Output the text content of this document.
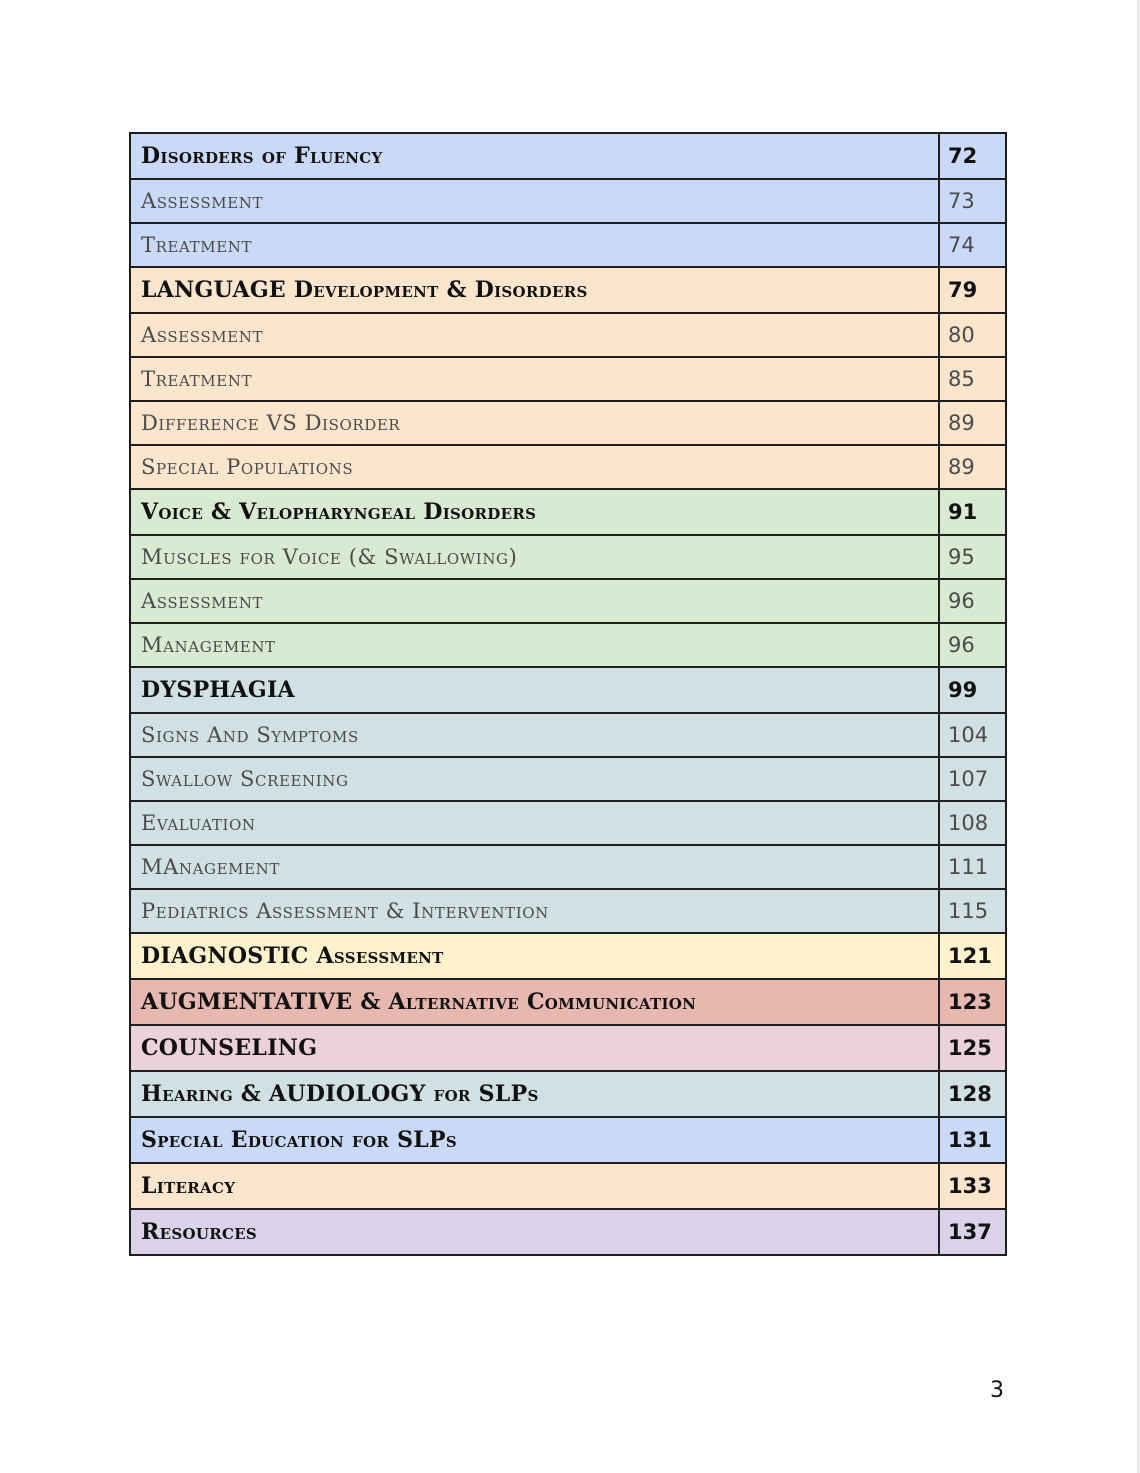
Disorders of Fluency	72
Assessment	73
Treatment	74
LANGUAGE Development & Disorders	79
Assessment	80
Treatment	85
Difference VS Disorder	89
Special Populations	89
Voice & Velopharyngeal Disorders	91
Muscles for Voice (& Swallowing)	95
Assessment	96
Management	96
DYSPHAGIA	99
Signs And Symptoms	104
Swallow Screening	107
Evaluation	108
MAnagement	111
Pediatrics Assessment & Intervention	115
DIAGNOSTIC Assessment	121
AUGMENTATIVE & Alternative Communication	123
COUNSELING	125
Hearing & AUDIOLOGY for SLPs	128
Special Education for SLPs	131
Literacy	133
Resources	137
3
